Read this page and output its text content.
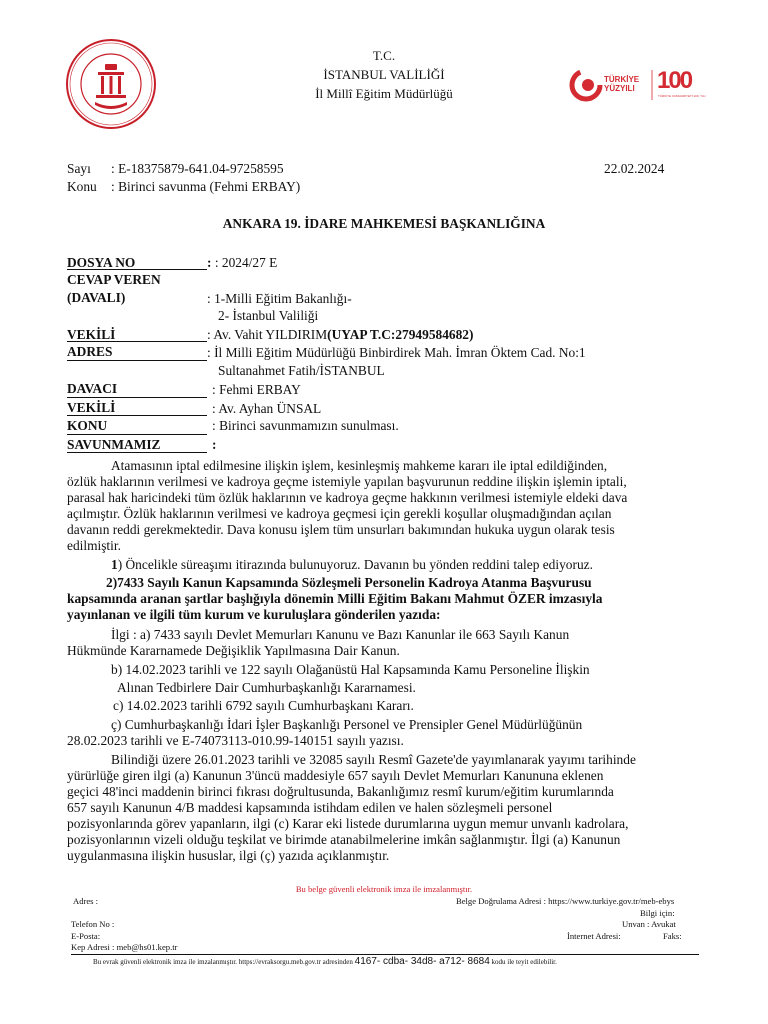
TÜRKİYE
YÜZYILI 100
TÜRKİYE CUMHURİYETİ 100. YILI
T.C.
İSTANBUL VALİLİĞİ
İl Millî Eğitim Müdürlüğü
Sayı : E-18375879-641.04-97258595	22.02.2024
Konu : Birinci savunma (Fehmi ERBAY)
ANKARA 19. İDARE MAHKEMESİ BAŞKANLIĞINA
DOSYA NO	: : 2024/27 E
CEVAP VEREN
(DAVALI)	: 1-Milli Eğitim Bakanlığı-
2- İstanbul Valiliği
VEKİLİ	: Av. Vahit YILDIRIM(UYAP T.C:27949584682)
ADRES	: İl Milli Eğitim Müdürlüğü Binbirdirek Mah. İmran Öktem Cad. No:1
Sultanahmet Fatih/İSTANBUL
DAVACI	: Fehmi ERBAY
VEKİLİ	: Av. Ayhan ÜNSAL
KONU	: Birinci savunmamızın sunulması.
SAVUNMAMIZ	:
Atamasının iptal edilmesine ilişkin işlem, kesinleşmiş mahkeme kararı ile iptal edildiğinden,
özlük haklarının verilmesi ve kadroya geçme istemiyle yapılan başvurunun reddine ilişkin işlemin iptali,
parasal hak haricindeki tüm özlük haklarının ve kadroya geçme hakkının verilmesi istemiyle eldeki dava
açılmıştır. Özlük haklarının verilmesi ve kadroya geçmesi için gerekli koşullar oluşmadığından açılan
davanın reddi gerekmektedir. Dava konusu işlem tüm unsurları bakımından hukuka uygun olarak tesis
edilmiştir.
1) Öncelikle süreaşımı itirazında bulunuyoruz. Davanın bu yönden reddini talep ediyoruz.
2)7433 Sayılı Kanun Kapsamında Sözleşmeli Personelin Kadroya Atanma Başvurusu
kapsamında aranan şartlar başlığıyla dönemin Milli Eğitim Bakanı Mahmut ÖZER imzasıyla
yayınlanan ve ilgili tüm kurum ve kuruluşlara gönderilen yazıda:
İlgi : a) 7433 sayılı Devlet Memurları Kanunu ve Bazı Kanunlar ile 663 Sayılı Kanun
Hükmünde Kararnamede Değişiklik Yapılmasına Dair Kanun.
b) 14.02.2023 tarihli ve 122 sayılı Olağanüstü Hal Kapsamında Kamu Personeline İlişkin
Alınan Tedbirlere Dair Cumhurbaşkanlığı Kararnamesi.
c) 14.02.2023 tarihli 6792 sayılı Cumhurbaşkanı Kararı.
ç) Cumhurbaşkanlığı İdari İşler Başkanlığı Personel ve Prensipler Genel Müdürlüğünün
28.02.2023 tarihli ve E-74073113-010.99-140151 sayılı yazısı.
Bilindiği üzere 26.01.2023 tarihli ve 32085 sayılı Resmî Gazete'de yayımlanarak yayımı tarihinde
yürürlüğe giren ilgi (a) Kanunun 3'üncü maddesiyle 657 sayılı Devlet Memurları Kanununa eklenen
geçici 48'inci maddenin birinci fıkrası doğrultusunda, Bakanlığımız resmî kurum/eğitim kurumlarında
657 sayılı Kanunun 4/B maddesi kapsamında istihdam edilen ve halen sözleşmeli personel
pozisyonlarında görev yapanların, ilgi (c) Karar eki listede durumlarına uygun memur unvanlı kadrolara,
pozisyonlarının vizeli olduğu teşkilat ve birimde atanabilmelerine imkân sağlanmıştır. İlgi (a) Kanunun
uygulanmasına ilişkin hususlar, ilgi (ç) yazıda açıklanmıştır.
Bu belge güvenli elektronik imza ile imzalanmıştır.
Adres :	Belge Doğrulama Adresi : https://www.turkiye.gov.tr/meb-ebys
Bilgi için:
Telefon No :	Unvan : Avukat
E-Posta:	İnternet Adresi:	Faks:
Kep Adresi : meb@hs01.kep.tr
Bu evrak güvenli elektronik imza ile imzalanmıştır. https://evraksorgu.meb.gov.tr adresinden 4167- cdba- 34d8- a712- 8684 kodu ile teyit edilebilir.
